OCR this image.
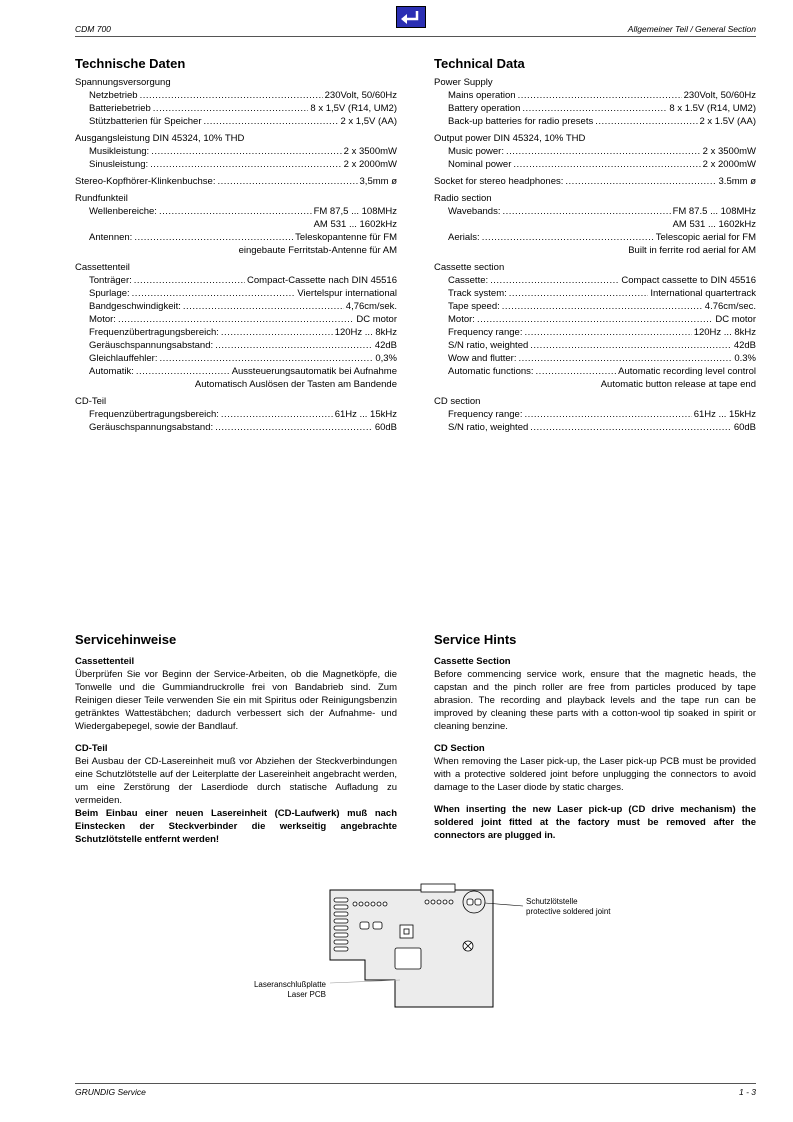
CDM 700	Allgemeiner Teil / General Section
Technische Daten
Spannungsversorgung
Netzbetrieb .....	230Volt, 50/60Hz
Batteriebetrieb .....	8 x 1,5V (R14, UM2)
Stützbatterien für Speicher .....	2 x 1,5V (AA)
Ausgangsleistung DIN 45324, 10% THD
Musikleistung: .....	2 x 3500mW
Sinusleistung: .....	2 x 2000mW
Stereo-Kopfhörer-Klinkenbuchse: .....	3,5mm ø
Rundfunkteil
Wellenbereiche: .....	FM 87,5 ... 108MHz
AM 531 ... 1602kHz
Antennen: .....	Teleskopantenne für FM
eingebaute Ferritstab-Antenne für AM
Cassettenteil
Tonträger: .....	Compact-Cassette nach DIN 45516
Spurlage: .....	Viertelspur international
Bandgeschwindigkeit: .....	4,76cm/sek.
Motor: .....	DC motor
Frequenzübertragungsbereich: .....	120Hz ... 8kHz
Geräuschspannungsabstand: .....	42dB
Gleichlauffehler: .....	0,3%
Automatik: .....	Aussteuerungsautomatik bei Aufnahme
Automatisch Auslösen der Tasten am Bandende
CD-Teil
Frequenzübertragungsbereich: .....	61Hz ... 15kHz
Geräuschspannungsabstand: .....	60dB
Technical Data
Power Supply
Mains operation .....	230Volt, 50/60Hz
Battery operation .....	8 x 1.5V (R14, UM2)
Back-up batteries for radio presets .....	2 x 1.5V (AA)
Output power DIN 45324, 10% THD
Music power: .....	2 x 3500mW
Nominal power .....	2 x 2000mW
Socket for stereo headphones: .....	3.5mm ø
Radio section
Wavebands: .....	FM 87.5 ... 108MHz
AM 531 ... 1602kHz
Aerials: .....	Telescopic aerial for FM
Built in ferrite rod aerial for AM
Cassette section
Cassette: .....	Compact cassette to DIN 45516
Track system: .....	International quartertrack
Tape speed: .....	4.76cm/sec.
Motor: .....	DC motor
Frequency range: .....	120Hz ... 8kHz
S/N ratio, weighted .....	42dB
Wow and flutter: .....	0.3%
Automatic functions: .....	Automatic recording level control
Automatic button release at tape end
CD section
Frequency range: .....	61Hz ... 15kHz
S/N ratio, weighted .....	60dB
Servicehinweise
Cassettenteil
Überprüfen Sie vor Beginn der Service-Arbeiten, ob die Magnetköpfe, die Tonwelle und die Gummiandruckrolle frei von Bandabrieb sind. Zum Reinigen dieser Teile verwenden Sie ein mit Spiritus oder Reinigungsbenzin getränktes Wattestäbchen; dadurch verbessert sich der Aufnahme- und Wiedergabepegel, sowie der Bandlauf.
CD-Teil
Bei Ausbau der CD-Lasereinheit muß vor Abziehen der Steckverbindungen eine Schutzlötstelle auf der Leiterplatte der Lasereinheit angebracht werden, um eine Zerstörung der Laserdiode durch statische Aufladung zu vermeiden.
Beim Einbau einer neuen Lasereinheit (CD-Laufwerk) muß nach Einstecken der Steckverbinder die werkseitig angebrachte Schutzlötstelle entfernt werden!
Service Hints
Cassette Section
Before commencing service work, ensure that the magnetic heads, the capstan and the pinch roller are free from particles produced by tape abrasion. The recording and playback levels and the tape run can be improved by cleaning these parts with a cotton-wool tip soaked in spirit or cleaning benzine.
CD Section
When removing the Laser pick-up, the Laser pick-up PCB must be provided with a protective soldered joint before unplugging the connectors to avoid damage to the Laser diode by static charges.
When inserting the new Laser pick-up (CD drive mechanism) the soldered joint fitted at the factory must be removed after the connectors are plugged in.
Schutzlötstelle
protective soldered joint
Laseranschlußplatte
Laser PCB
GRUNDIG Service	1 - 3
